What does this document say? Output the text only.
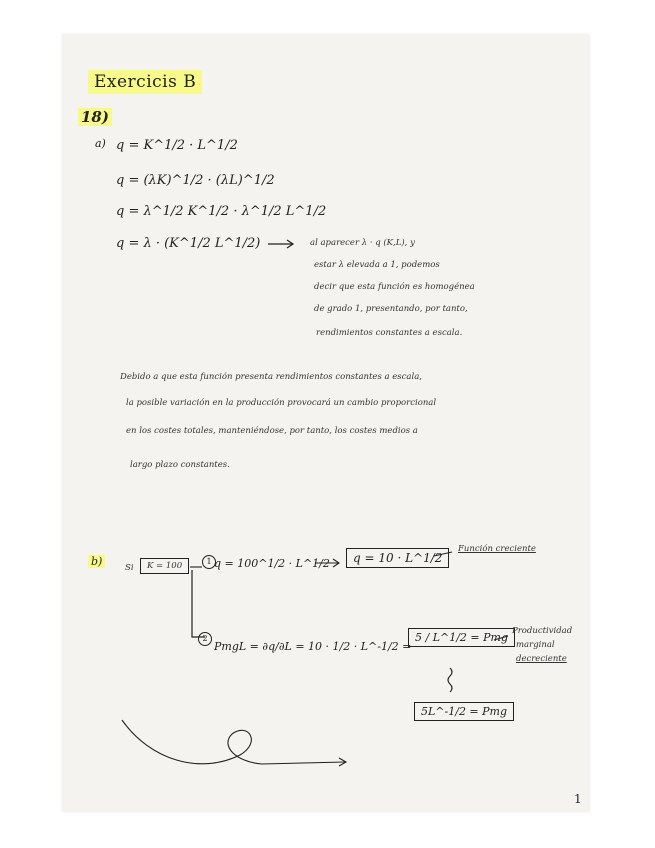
Exercicis B
18)
a) q = K^1/2 · L^1/2
q = (λK)^1/2 · (λL)^1/2
q = λ^1/2 K^1/2 · λ^1/2 L^1/2
q = λ · (K^1/2 L^1/2)	al aparecer λ · q (K,L), y
estar λ elevada a 1, podemos
decir que esta función es homogénea
de grado 1, presentando, por tanto,
rendimientos constantes a escala.
Debido a que esta función presenta rendimientos constantes a escala,
la posible variación en la producción provocará un cambio proporcional
en los costes totales, manteniéndose, por tanto, los costes medios a
largo plazo constantes.
b)	Si	K = 100	1 q = 100^1/2 · L^1/2	q = 10 · L^1/2
Función creciente
2
PmgL = ∂q/∂L = 10 · 1/2 · L^-1/2 =
5 / L^1/2 = Pmg Productividad
marginal
decreciente
5L^-1/2 = Pmg
1
